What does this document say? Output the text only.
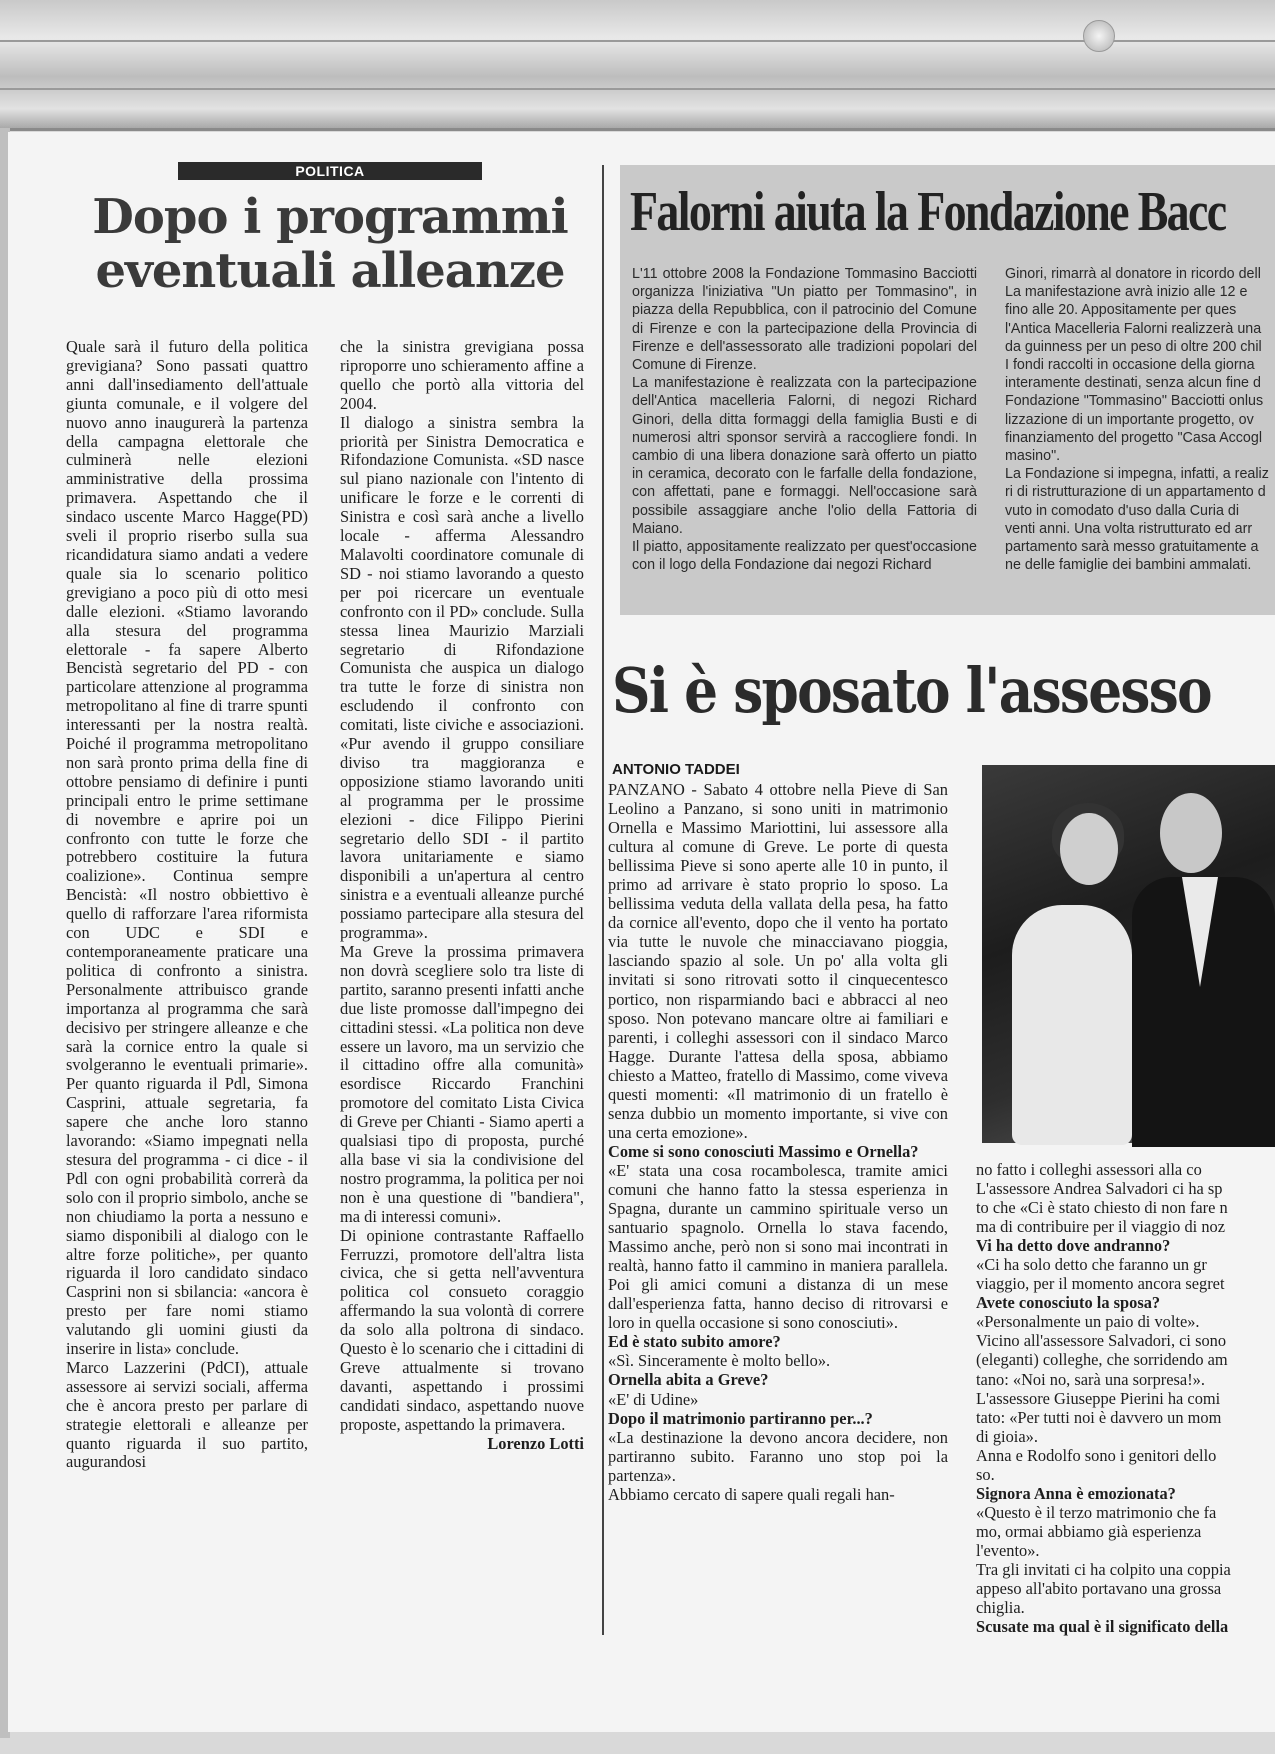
POLITICA
Dopo i programmi
eventuali alleanze

Quale sarà il futuro della politica grevigiana? Sono passati quattro anni dall'insediamento dell'attuale giunta comunale, e il volgere del nuovo anno inaugurerà la partenza della campagna elettorale che culminerà nelle elezioni amministrative della prossima primavera. Aspettando che il sindaco uscente Marco Hagge(PD) sveli il proprio riserbo sulla sua ricandidatura siamo andati a vedere quale sia lo scenario politico grevigiano a poco più di otto mesi dalle elezioni. «Stiamo lavorando alla stesura del programma elettorale - fa sapere Alberto Bencistà segretario del PD - con particolare attenzione al programma metropolitano al fine di trarre spunti interessanti per la nostra realtà. Poiché il programma metropolitano non sarà pronto prima della fine di ottobre pensiamo di definire i punti principali entro le prime settimane di novembre e aprire poi un confronto con tutte le forze che potrebbero costituire la futura coalizione». Continua sempre Bencistà: «Il nostro obbiettivo è quello di rafforzare l'area riformista con UDC e SDI e contemporaneamente praticare una politica di confronto a sinistra. Personalmente attribuisco grande importanza al programma che sarà decisivo per stringere alleanze e che sarà la cornice entro la quale si svolgeranno le eventuali primarie». Per quanto riguarda il Pdl, Simona Casprini, attuale segretaria, fa sapere che anche loro stanno lavorando: «Siamo impegnati nella stesura del programma - ci dice - il Pdl con ogni probabilità correrà da solo con il proprio simbolo, anche se non chiudiamo la porta a nessuno e siamo disponibili al dialogo con le altre forze politiche», per quanto riguarda il loro candidato sindaco Casprini non si sbilancia: «ancora è presto per fare nomi stiamo valutando gli uomini giusti da inserire in lista» conclude.

Marco Lazzerini (PdCI), attuale assessore ai servizi sociali, afferma che è ancora presto per parlare di strategie elettorali e alleanze per quanto riguarda il suo partito, augurandosi

che la sinistra grevigiana possa riproporre uno schieramento affine a quello che portò alla vittoria del 2004.

Il dialogo a sinistra sembra la priorità per Sinistra Democratica e Rifondazione Comunista. «SD nasce sul piano nazionale con l'intento di unificare le forze e le correnti di Sinistra e così sarà anche a livello locale - afferma Alessandro Malavolti coordinatore comunale di SD - noi stiamo lavorando a questo per poi ricercare un eventuale confronto con il PD» conclude. Sulla stessa linea Maurizio Marziali segretario di Rifondazione Comunista che auspica un dialogo tra tutte le forze di sinistra non escludendo il confronto con comitati, liste civiche e associazioni. «Pur avendo il gruppo consiliare diviso tra maggioranza e opposizione stiamo lavorando uniti al programma per le prossime elezioni - dice Filippo Pierini segretario dello SDI - il partito lavora unitariamente e siamo disponibili a un'apertura al centro sinistra e a eventuali alleanze purché possiamo partecipare alla stesura del programma».

Ma Greve la prossima primavera non dovrà scegliere solo tra liste di partito, saranno presenti infatti anche due liste promosse dall'impegno dei cittadini stessi. «La politica non deve essere un lavoro, ma un servizio che il cittadino offre alla comunità» esordisce Riccardo Franchini promotore del comitato Lista Civica di Greve per Chianti - Siamo aperti a qualsiasi tipo di proposta, purché alla base vi sia la condivisione del nostro programma, la politica per noi non è una questione di "bandiera", ma di interessi comuni».

Di opinione contrastante Raffaello Ferruzzi, promotore dell'altra lista civica, che si getta nell'avventura politica col consueto coraggio affermando la sua volontà di correre da solo alla poltrona di sindaco. Questo è lo scenario che i cittadini di Greve attualmente si trovano davanti, aspettando i prossimi candidati sindaco, aspettando nuove proposte, aspettando la primavera.

Lorenzo Lotti

Falorni aiuta la Fondazione Bacc

L'11 ottobre 2008 la Fondazione Tommasino Bacciotti organizza l'iniziativa "Un piatto per Tommasino", in piazza della Repubblica, con il patrocinio del Comune di Firenze e con la partecipazione della Provincia di Firenze e dell'assessorato alle tradizioni popolari del Comune di Firenze.

La manifestazione è realizzata con la partecipazione dell'Antica macelleria Falorni, di negozi Richard Ginori, della ditta formaggi della famiglia Busti e di numerosi altri sponsor servirà a raccogliere fondi. In cambio di una libera donazione sarà offerto un piatto in ceramica, decorato con le farfalle della fondazione, con affettati, pane e formaggi. Nell'occasione sarà possibile assaggiare anche l'olio della Fattoria di Maiano.

Il piatto, appositamente realizzato per quest'occasione con il logo della Fondazione dai negozi Richard

Ginori, rimarrà al donatore in ricordo dell

La manifestazione avrà inizio alle 12 e

fino alle 20. Appositamente per ques

l'Antica Macelleria Falorni realizzerà una

da guinness per un peso di oltre 200 chil

I fondi raccolti in occasione della giorna

interamente destinati, senza alcun fine d

Fondazione "Tommasino" Bacciotti onlus

lizzazione di un importante progetto, ov

finanziamento del progetto "Casa Accogl

masino".

La Fondazione si impegna, infatti, a realiz

ri di ristrutturazione di un appartamento d

vuto in comodato d'uso dalla Curia di

venti anni. Una volta ristrutturato ed arr

partamento sarà messo gratuitamente a

ne delle famiglie dei bambini ammalati.

Si è sposato l'assesso

ANTONIO TADDEI

PANZANO - Sabato 4 ottobre nella Pieve di San Leolino a Panzano, si sono uniti in matrimonio Ornella e Massimo Mariottini, lui assessore alla cultura al comune di Greve. Le porte di questa bellissima Pieve si sono aperte alle 10 in punto, il primo ad arrivare è stato proprio lo sposo. La bellissima veduta della vallata della pesa, ha fatto da cornice all'evento, dopo che il vento ha portato via tutte le nuvole che minacciavano pioggia, lasciando spazio al sole. Un po' alla volta gli invitati si sono ritrovati sotto il cinquecentesco portico, non risparmiando baci e abbracci al neo sposo. Non potevano mancare oltre ai familiari e parenti, i colleghi assessori con il sindaco Marco Hagge. Durante l'attesa della sposa, abbiamo chiesto a Matteo, fratello di Massimo, come viveva questi momenti: «Il matrimonio di un fratello è senza dubbio un momento importante, si vive con una certa emozione».

Come si sono conosciuti Massimo e Ornella?

«E' stata una cosa rocambolesca, tramite amici comuni che hanno fatto la stessa esperienza in Spagna, durante un cammino spirituale verso un santuario spagnolo. Ornella lo stava facendo, Massimo anche, però non si sono mai incontrati in realtà, hanno fatto il cammino in maniera parallela. Poi gli amici comuni a distanza di un mese dall'esperienza fatta, hanno deciso di ritrovarsi e loro in quella occasione si sono conosciuti».

Ed è stato subito amore?

«Sì. Sinceramente è molto bello».

Ornella abita a Greve?

«E' di Udine»

Dopo il matrimonio partiranno per...?

«La destinazione la devono ancora decidere, non partiranno subito. Faranno uno stop poi la partenza».

Abbiamo cercato di sapere quali regali han-

no fatto i colleghi assessori alla co

L'assessore Andrea Salvadori ci ha sp

to che «Ci è stato chiesto di non fare n

ma di contribuire per il viaggio di noz

Vi ha detto dove andranno?

«Ci ha solo detto che faranno un gr

viaggio, per il momento ancora segret

Avete conosciuto la sposa?

«Personalmente un paio di volte».

Vicino all'assessore Salvadori, ci sono

(eleganti) colleghe, che sorridendo am

tano: «Noi no, sarà una sorpresa!».

L'assessore Giuseppe Pierini ha comi

tato: «Per tutti noi è davvero un mom

di gioia».

Anna e Rodolfo sono i genitori dello

so.

Signora Anna è emozionata?

«Questo è il terzo matrimonio che fa

mo, ormai abbiamo già esperienza

l'evento».

Tra gli invitati ci ha colpito una coppia

appeso all'abito portavano una grossa

chiglia.

Scusate ma qual è il significato della
